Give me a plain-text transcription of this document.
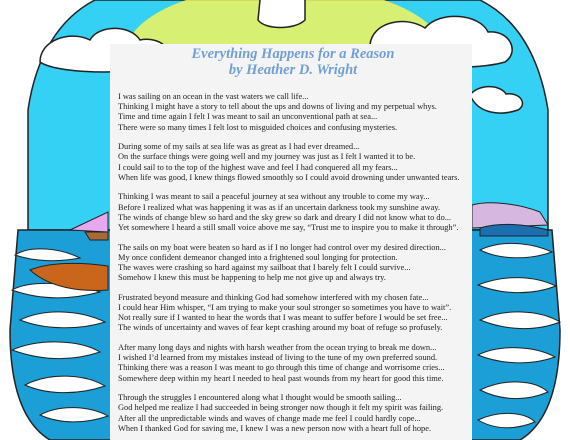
Everything Happens for a Reason
by Heather D. Wright
I was sailing on an ocean in the vast waters we call life...
Thinking I might have a story to tell about the ups and downs of living and my perpetual whys.
Time and time again I felt I was meant to sail an unconventional path at sea...
There were so many times I felt lost to misguided choices and confusing mysteries.
During some of my sails at sea life was as great as I had ever dreamed...
On the surface things were going well and my journey was just as I felt I wanted it to be.
I could sail to to the top of the highest wave and feel I had conquered all my fears...
When life was good, I knew things flowed smoothly so I could avoid drowning under unwanted tears.
Thinking I was meant to sail a peaceful journey at sea without any trouble to come my way...
Before I realized what was happening it was as if an uncertain darkness took my sunshine away.
The winds of change blew so hard and the sky grew so dark and dreary I did not know what to do...
Yet somewhere I heard a still small voice above me say, “Trust me to inspire you to make it through”.
The sails on my boat were beaten so hard as if I no longer had control over my desired direction...
My once confident demeanor changed into a frightened soul longing for protection.
The waves were crashing so hard against my sailboat that I barely felt I could survive...
Somehow I knew this must be happening to help me not give up and always try.
Frustrated beyond measure and thinking God had somehow interfered with my chosen fate...
I could hear Him whisper, “I am trying to make your soul stronger so sometimes you have to wait”.
Not really sure if I wanted to hear the words that I was meant to suffer before I would be set free...
The winds of uncertainty and waves of fear kept crashing around my boat of refuge so profusely.
After many long days and nights with harsh weather from the ocean trying to break me down...
I wished I’d learned from my mistakes instead of living to the tune of my own preferred sound.
Thinking there was a reason I was meant to go through this time of change and worrisome cries...
Somewhere deep within my heart I needed to heal past wounds from my heart for good this time.
Through the struggles I encountered along what I thought would be smooth sailing...
God helped me realize I had succeeded in being stronger now though it felt my spirit was failing.
After all the unpredictable winds and waves of change made me feel I could hardly cope...
When I thanked God for saving me, I knew I was a new person now with a heart full of hope.
